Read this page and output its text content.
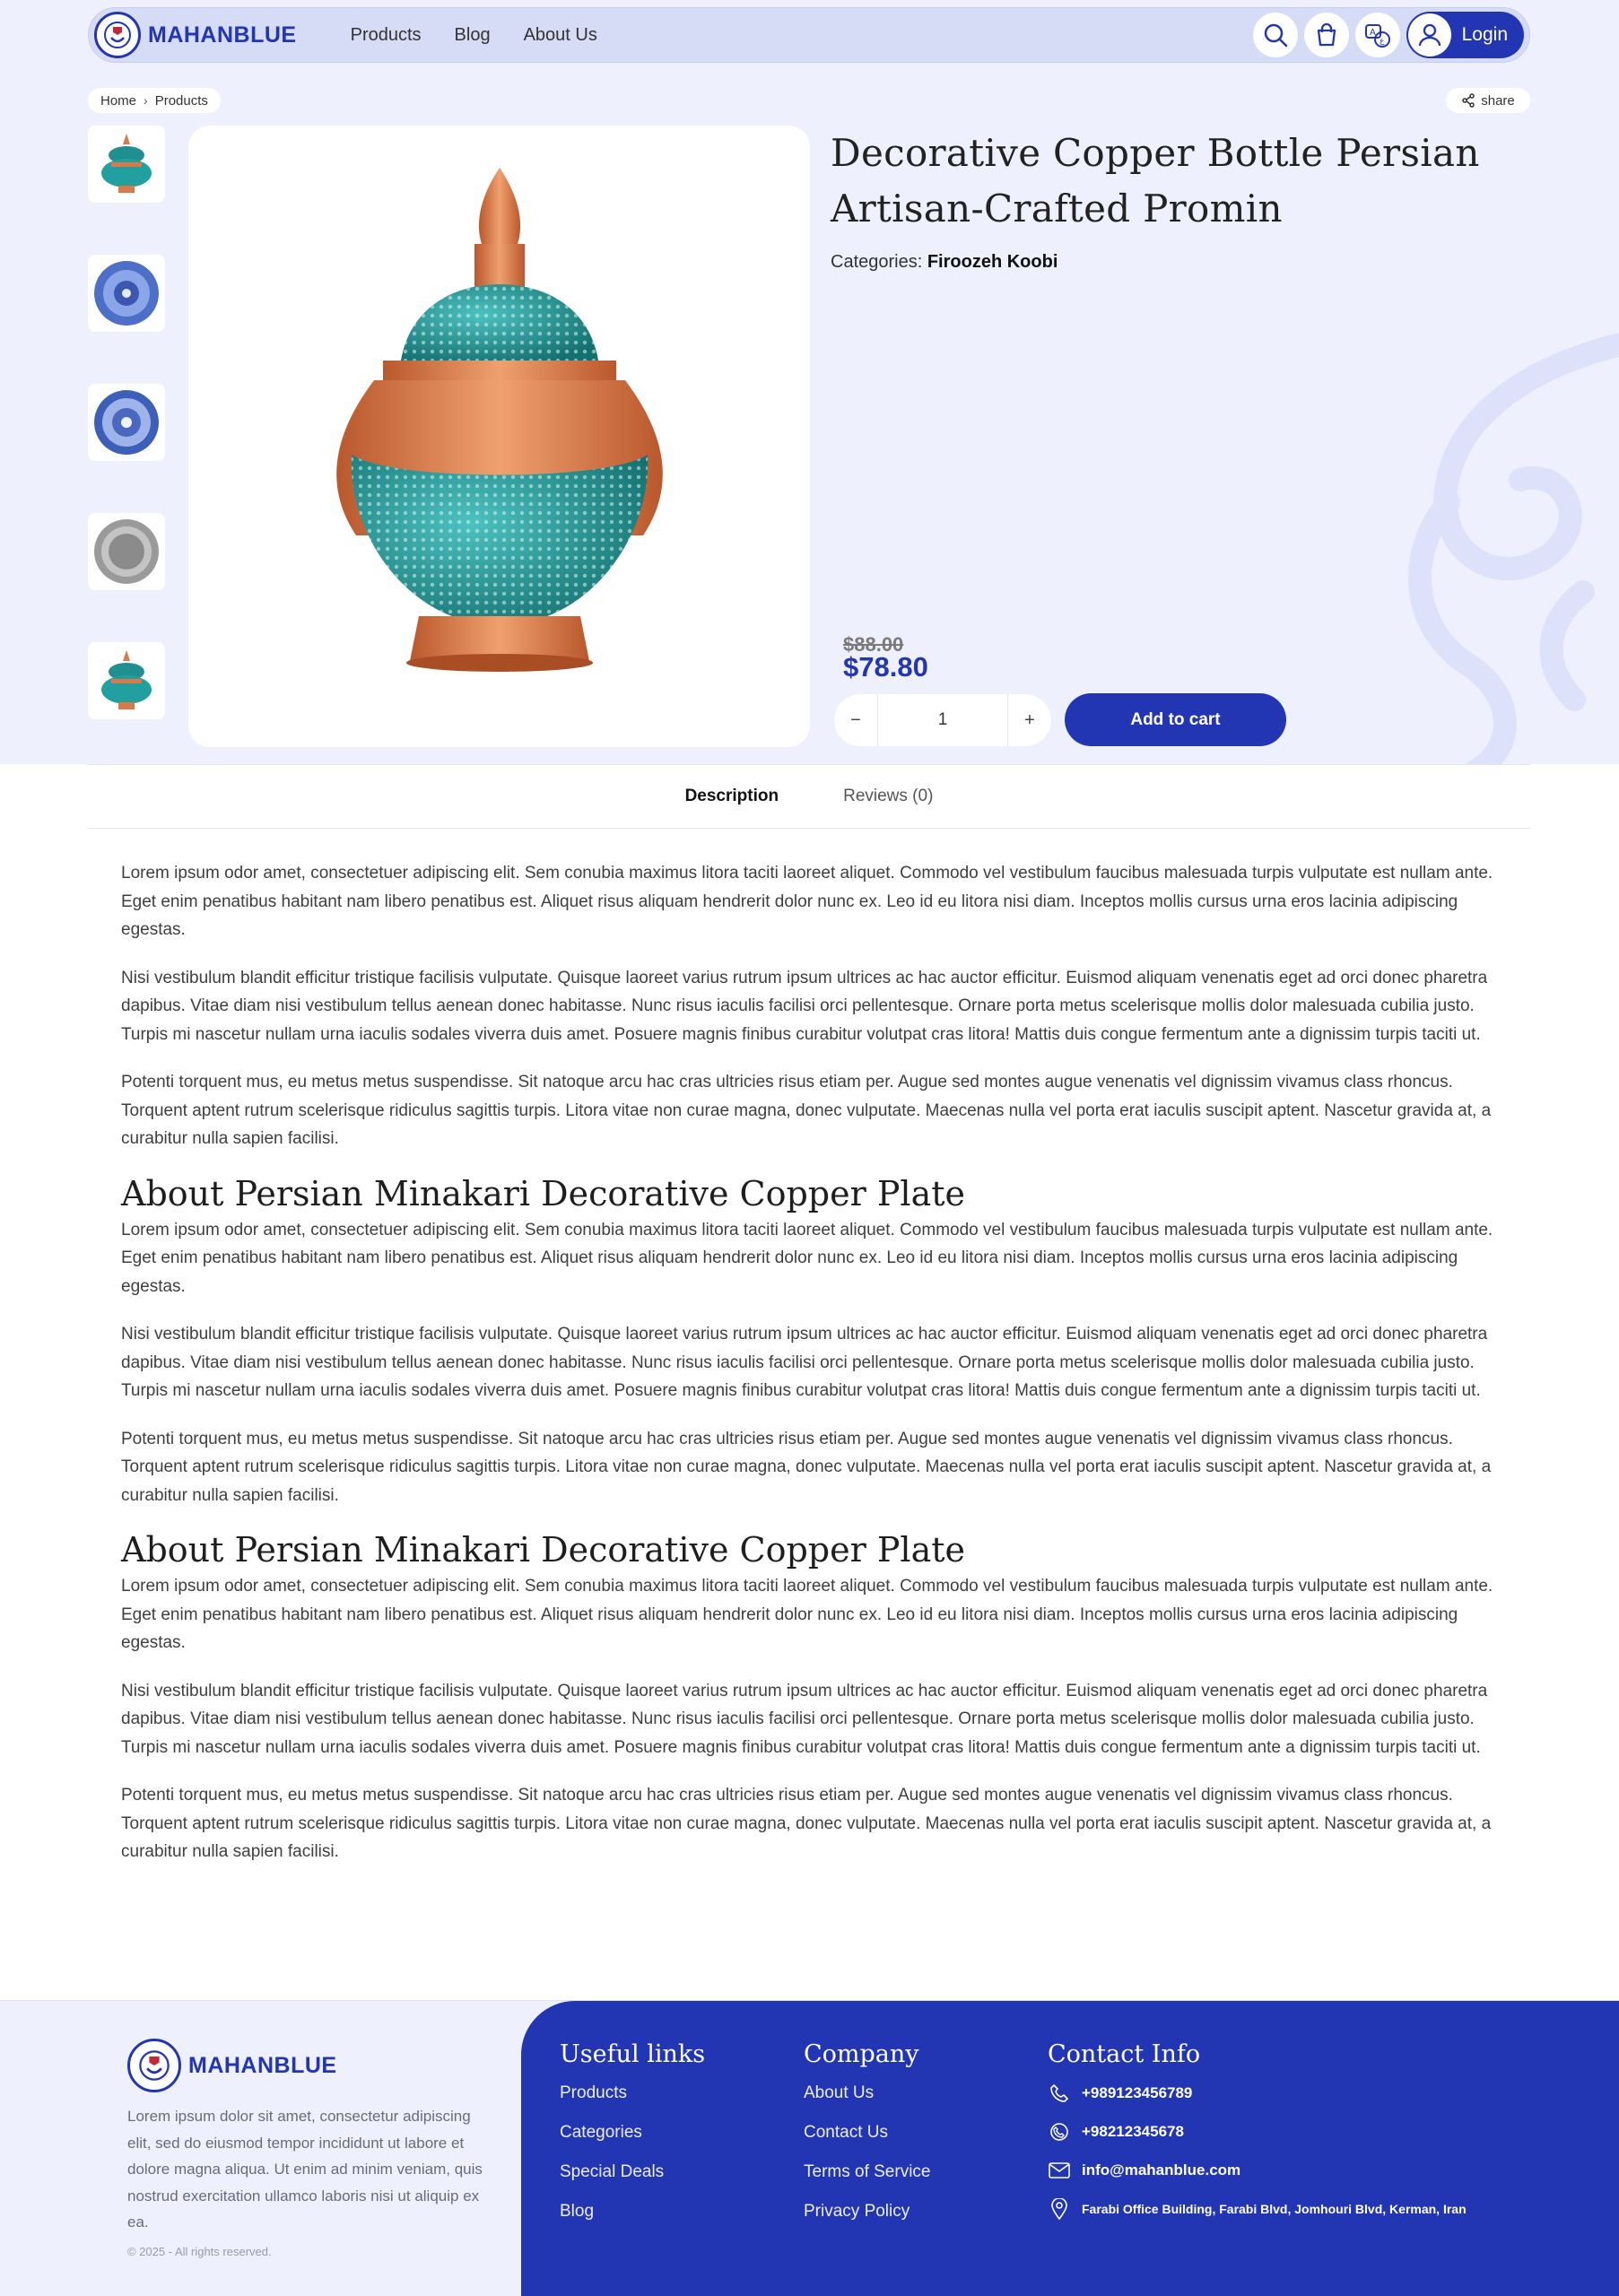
MAHANBLUE	Products Blog About Us	A
ع	Login
Home › Products	share
Decorative Copper Bottle Persian Artisan-Crafted Promin
Categories: Firoozeh Koobi
$88.00
$78.80
−	1	+	Add to cart
Description	Reviews (0)

Lorem ipsum odor amet, consectetuer adipiscing elit. Sem conubia maximus litora taciti laoreet aliquet. Commodo vel vestibulum faucibus malesuada turpis vulputate est nullam ante. Eget enim penatibus habitant nam libero penatibus est. Aliquet risus aliquam hendrerit dolor nunc ex. Leo id eu litora nisi diam. Inceptos mollis cursus urna eros lacinia adipiscing egestas.

Nisi vestibulum blandit efficitur tristique facilisis vulputate. Quisque laoreet varius rutrum ipsum ultrices ac hac auctor efficitur. Euismod aliquam venenatis eget ad orci donec pharetra dapibus. Vitae diam nisi vestibulum tellus aenean donec habitasse. Nunc risus iaculis facilisi orci pellentesque. Ornare porta metus scelerisque mollis dolor malesuada cubilia justo. Turpis mi nascetur nullam urna iaculis sodales viverra duis amet. Posuere magnis finibus curabitur volutpat cras litora! Mattis duis congue fermentum ante a dignissim turpis taciti ut.

Potenti torquent mus, eu metus metus suspendisse. Sit natoque arcu hac cras ultricies risus etiam per. Augue sed montes augue venenatis vel dignissim vivamus class rhoncus. Torquent aptent rutrum scelerisque ridiculus sagittis turpis. Litora vitae non curae magna, donec vulputate. Maecenas nulla vel porta erat iaculis suscipit aptent. Nascetur gravida at, a curabitur nulla sapien facilisi.

About Persian Minakari Decorative Copper Plate

Lorem ipsum odor amet, consectetuer adipiscing elit. Sem conubia maximus litora taciti laoreet aliquet. Commodo vel vestibulum faucibus malesuada turpis vulputate est nullam ante. Eget enim penatibus habitant nam libero penatibus est. Aliquet risus aliquam hendrerit dolor nunc ex. Leo id eu litora nisi diam. Inceptos mollis cursus urna eros lacinia adipiscing egestas.

Nisi vestibulum blandit efficitur tristique facilisis vulputate. Quisque laoreet varius rutrum ipsum ultrices ac hac auctor efficitur. Euismod aliquam venenatis eget ad orci donec pharetra dapibus. Vitae diam nisi vestibulum tellus aenean donec habitasse. Nunc risus iaculis facilisi orci pellentesque. Ornare porta metus scelerisque mollis dolor malesuada cubilia justo. Turpis mi nascetur nullam urna iaculis sodales viverra duis amet. Posuere magnis finibus curabitur volutpat cras litora! Mattis duis congue fermentum ante a dignissim turpis taciti ut.

Potenti torquent mus, eu metus metus suspendisse. Sit natoque arcu hac cras ultricies risus etiam per. Augue sed montes augue venenatis vel dignissim vivamus class rhoncus. Torquent aptent rutrum scelerisque ridiculus sagittis turpis. Litora vitae non curae magna, donec vulputate. Maecenas nulla vel porta erat iaculis suscipit aptent. Nascetur gravida at, a curabitur nulla sapien facilisi.

About Persian Minakari Decorative Copper Plate

Lorem ipsum odor amet, consectetuer adipiscing elit. Sem conubia maximus litora taciti laoreet aliquet. Commodo vel vestibulum faucibus malesuada turpis vulputate est nullam ante. Eget enim penatibus habitant nam libero penatibus est. Aliquet risus aliquam hendrerit dolor nunc ex. Leo id eu litora nisi diam. Inceptos mollis cursus urna eros lacinia adipiscing egestas.

Nisi vestibulum blandit efficitur tristique facilisis vulputate. Quisque laoreet varius rutrum ipsum ultrices ac hac auctor efficitur. Euismod aliquam venenatis eget ad orci donec pharetra dapibus. Vitae diam nisi vestibulum tellus aenean donec habitasse. Nunc risus iaculis facilisi orci pellentesque. Ornare porta metus scelerisque mollis dolor malesuada cubilia justo. Turpis mi nascetur nullam urna iaculis sodales viverra duis amet. Posuere magnis finibus curabitur volutpat cras litora! Mattis duis congue fermentum ante a dignissim turpis taciti ut.

Potenti torquent mus, eu metus metus suspendisse. Sit natoque arcu hac cras ultricies risus etiam per. Augue sed montes augue venenatis vel dignissim vivamus class rhoncus. Torquent aptent rutrum scelerisque ridiculus sagittis turpis. Litora vitae non curae magna, donec vulputate. Maecenas nulla vel porta erat iaculis suscipit aptent. Nascetur gravida at, a curabitur nulla sapien facilisi.

MAHANBLUE
Lorem ipsum dolor sit amet, consectetur adipiscing elit, sed do eiusmod tempor incididunt ut labore et dolore magna aliqua. Ut enim ad minim veniam, quis nostrud exercitation ullamco laboris nisi ut aliquip ex ea.
© 2025 - All rights reserved.
Useful links
Products
Categories
Special Deals
Blog
Company
About Us
Contact Us
Terms of Service
Privacy Policy
Contact Info
+989123456789
+98212345678
info@mahanblue.com
Farabi Office Building, Farabi Blvd, Jomhouri Blvd, Kerman, Iran
